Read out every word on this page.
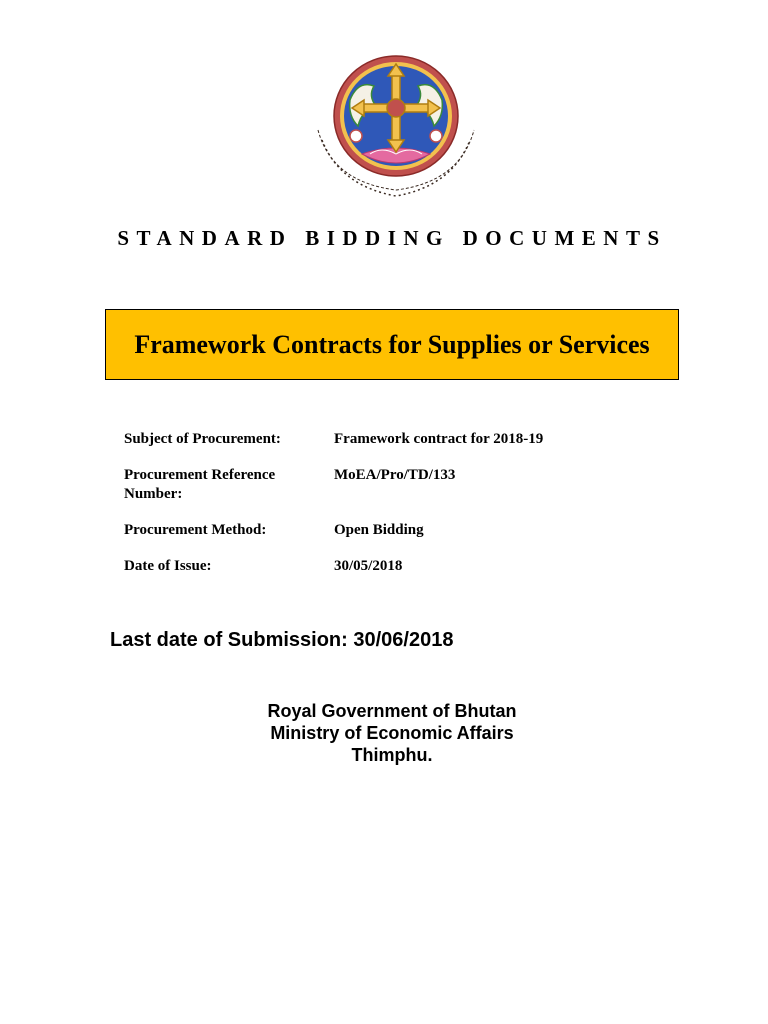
STANDARD BIDDING DOCUMENTS
Framework Contracts for Supplies or Services
Subject of Procurement:	Framework contract for 2018-19
Procurement Reference Number:
MoEA/Pro/TD/133
Procurement Method:	Open Bidding
Date of Issue:	30/05/2018
Last date of Submission: 30/06/2018
Royal Government of Bhutan
Ministry of Economic Affairs
Thimphu.
